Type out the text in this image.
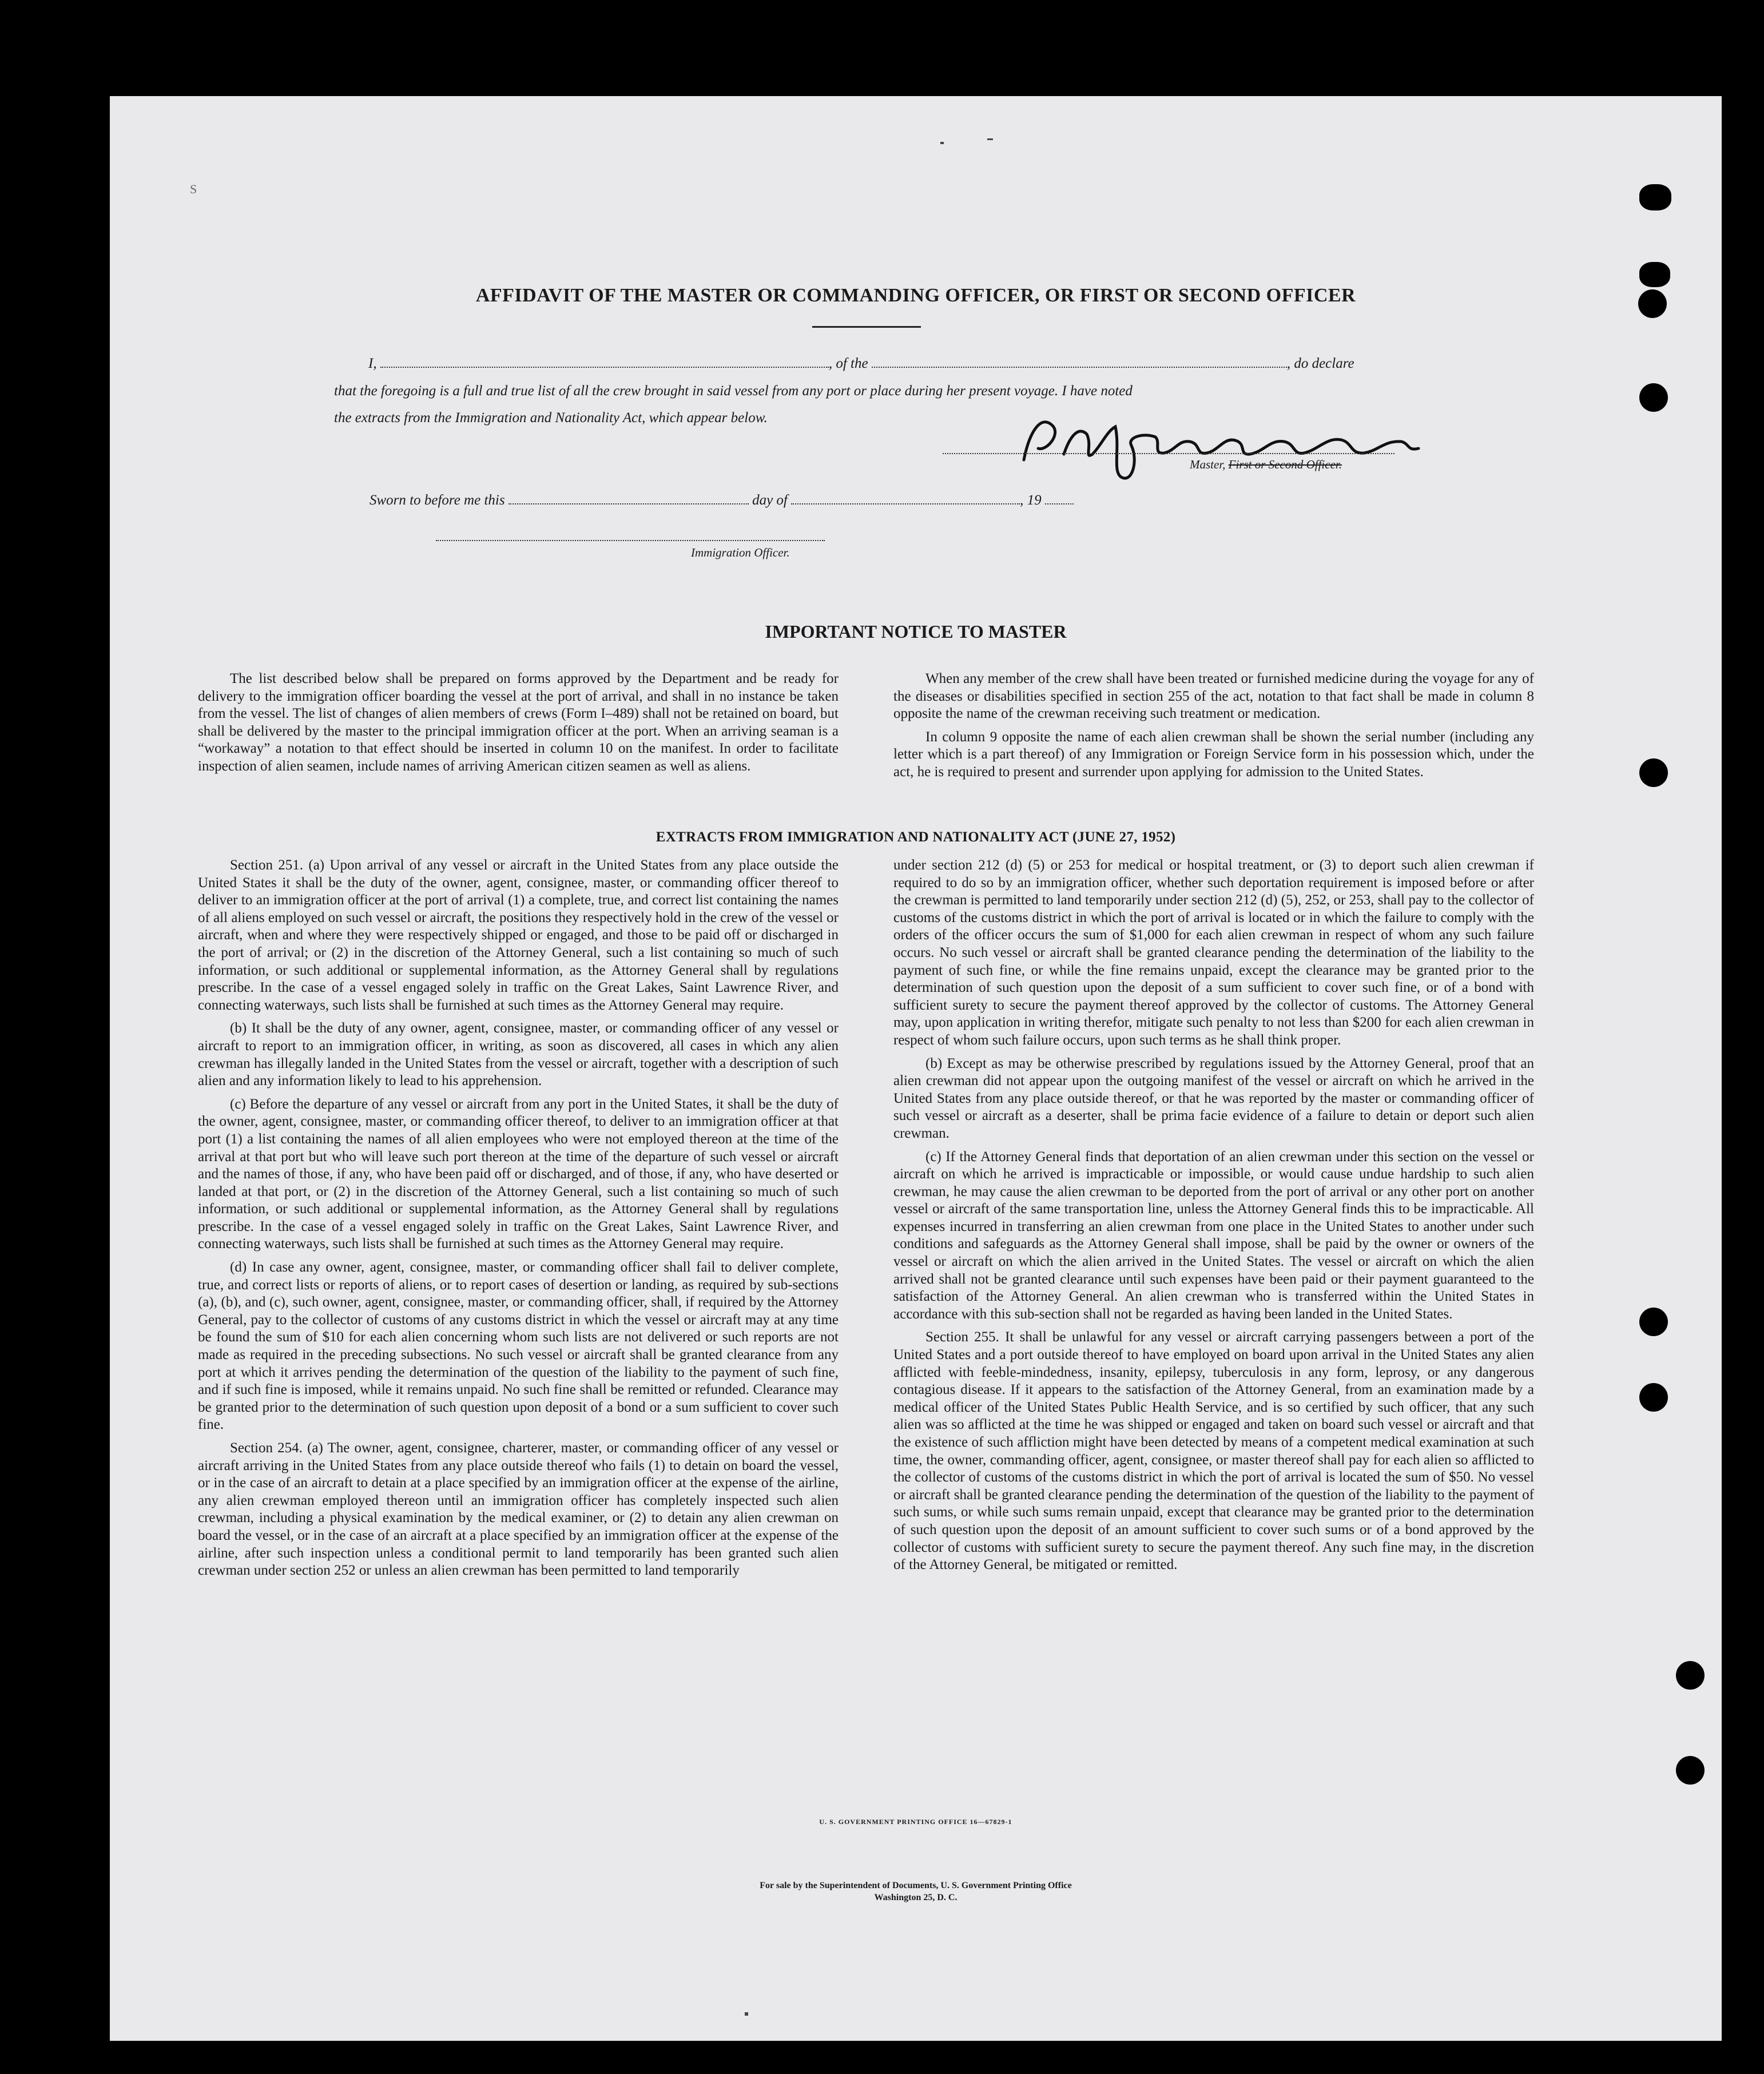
S
AFFIDAVIT OF THE MASTER OR COMMANDING OFFICER, OR FIRST OR SECOND OFFICER
I,	, of the	, do declare
that the foregoing is a full and true list of all the crew brought in said vessel from any port or place during her present voyage. I have noted
the extracts from the Immigration and Nationality Act, which appear below.
Master, First or Second Officer.
Sworn to before me this	day of	, 19
Immigration Officer.
IMPORTANT NOTICE TO MASTER

The list described below shall be prepared on forms approved by the Department and be ready for delivery to the immigration officer boarding the vessel at the port of arrival, and shall in no instance be taken from the vessel. The list of changes of alien members of crews (Form I–489) shall not be retained on board, but shall be delivered by the master to the principal immigration officer at the port. When an arriving seaman is a “workaway” a notation to that effect should be inserted in column 10 on the manifest. In order to facilitate inspection of alien seamen, include names of arriving American citizen seamen as well as aliens.

When any member of the crew shall have been treated or furnished medicine during the voyage for any of the diseases or disabilities specified in section 255 of the act, notation to that fact shall be made in column 8 opposite the name of the crewman receiving such treatment or medication.

In column 9 opposite the name of each alien crewman shall be shown the serial number (including any letter which is a part thereof) of any Immigration or Foreign Service form in his possession which, under the act, he is required to present and surrender upon applying for admission to the United States.

EXTRACTS FROM IMMIGRATION AND NATIONALITY ACT (JUNE 27, 1952)

Section 251. (a) Upon arrival of any vessel or aircraft in the United States from any place outside the United States it shall be the duty of the owner, agent, consignee, master, or commanding officer thereof to deliver to an immigration officer at the port of arrival (1) a complete, true, and correct list containing the names of all aliens employed on such vessel or aircraft, the positions they respectively hold in the crew of the vessel or aircraft, when and where they were respectively shipped or engaged, and those to be paid off or discharged in the port of arrival; or (2) in the discretion of the Attorney General, such a list containing so much of such information, or such additional or supplemental information, as the Attorney General shall by regulations prescribe. In the case of a vessel engaged solely in traffic on the Great Lakes, Saint Lawrence River, and connecting waterways, such lists shall be furnished at such times as the Attorney General may require.

(b) It shall be the duty of any owner, agent, consignee, master, or commanding officer of any vessel or aircraft to report to an immigration officer, in writing, as soon as discovered, all cases in which any alien crewman has illegally landed in the United States from the vessel or aircraft, together with a description of such alien and any information likely to lead to his apprehension.

(c) Before the departure of any vessel or aircraft from any port in the United States, it shall be the duty of the owner, agent, consignee, master, or commanding officer thereof, to deliver to an immigration officer at that port (1) a list containing the names of all alien employees who were not employed thereon at the time of the arrival at that port but who will leave such port thereon at the time of the departure of such vessel or aircraft and the names of those, if any, who have been paid off or discharged, and of those, if any, who have deserted or landed at that port, or (2) in the discretion of the Attorney General, such a list containing so much of such information, or such additional or supplemental information, as the Attorney General shall by regulations prescribe. In the case of a vessel engaged solely in traffic on the Great Lakes, Saint Lawrence River, and connecting waterways, such lists shall be furnished at such times as the Attorney General may require.

(d) In case any owner, agent, consignee, master, or commanding officer shall fail to deliver complete, true, and correct lists or reports of aliens, or to report cases of desertion or landing, as required by sub-sections (a), (b), and (c), such owner, agent, consignee, master, or commanding officer, shall, if required by the Attorney General, pay to the collector of customs of any customs district in which the vessel or aircraft may at any time be found the sum of $10 for each alien concerning whom such lists are not delivered or such reports are not made as required in the preceding subsections. No such vessel or aircraft shall be granted clearance from any port at which it arrives pending the determination of the question of the liability to the payment of such fine, and if such fine is imposed, while it remains unpaid. No such fine shall be remitted or refunded. Clearance may be granted prior to the determination of such question upon deposit of a bond or a sum sufficient to cover such fine.

Section 254. (a) The owner, agent, consignee, charterer, master, or commanding officer of any vessel or aircraft arriving in the United States from any place outside thereof who fails (1) to detain on board the vessel, or in the case of an aircraft to detain at a place specified by an immigration officer at the expense of the airline, any alien crewman employed thereon until an immigration officer has completely inspected such alien crewman, including a physical examination by the medical examiner, or (2) to detain any alien crewman on board the vessel, or in the case of an aircraft at a place specified by an immigration officer at the expense of the airline, after such inspection unless a conditional permit to land temporarily has been granted such alien crewman under section 252 or unless an alien crewman has been permitted to land temporarily

under section 212 (d) (5) or 253 for medical or hospital treatment, or (3) to deport such alien crewman if required to do so by an immigration officer, whether such deportation requirement is imposed before or after the crewman is permitted to land temporarily under section 212 (d) (5), 252, or 253, shall pay to the collector of customs of the customs district in which the port of arrival is located or in which the failure to comply with the orders of the officer occurs the sum of $1,000 for each alien crewman in respect of whom any such failure occurs. No such vessel or aircraft shall be granted clearance pending the determination of the liability to the payment of such fine, or while the fine remains unpaid, except the clearance may be granted prior to the determination of such question upon the deposit of a sum sufficient to cover such fine, or of a bond with sufficient surety to secure the payment thereof approved by the collector of customs. The Attorney General may, upon application in writing therefor, mitigate such penalty to not less than $200 for each alien crewman in respect of whom such failure occurs, upon such terms as he shall think proper.

(b) Except as may be otherwise prescribed by regulations issued by the Attorney General, proof that an alien crewman did not appear upon the outgoing manifest of the vessel or aircraft on which he arrived in the United States from any place outside thereof, or that he was reported by the master or commanding officer of such vessel or aircraft as a deserter, shall be prima facie evidence of a failure to detain or deport such alien crewman.

(c) If the Attorney General finds that deportation of an alien crewman under this section on the vessel or aircraft on which he arrived is impracticable or impossible, or would cause undue hardship to such alien crewman, he may cause the alien crewman to be deported from the port of arrival or any other port on another vessel or aircraft of the same transportation line, unless the Attorney General finds this to be impracticable. All expenses incurred in transferring an alien crewman from one place in the United States to another under such conditions and safeguards as the Attorney General shall impose, shall be paid by the owner or owners of the vessel or aircraft on which the alien arrived in the United States. The vessel or aircraft on which the alien arrived shall not be granted clearance until such expenses have been paid or their payment guaranteed to the satisfaction of the Attorney General. An alien crewman who is transferred within the United States in accordance with this sub-section shall not be regarded as having been landed in the United States.

Section 255. It shall be unlawful for any vessel or aircraft carrying passengers between a port of the United States and a port outside thereof to have employed on board upon arrival in the United States any alien afflicted with feeble-mindedness, insanity, epilepsy, tuberculosis in any form, leprosy, or any dangerous contagious disease. If it appears to the satisfaction of the Attorney General, from an examination made by a medical officer of the United States Public Health Service, and is so certified by such officer, that any such alien was so afflicted at the time he was shipped or engaged and taken on board such vessel or aircraft and that the existence of such affliction might have been detected by means of a competent medical examination at such time, the owner, commanding officer, agent, consignee, or master thereof shall pay for each alien so afflicted to the collector of customs of the customs district in which the port of arrival is located the sum of $50. No vessel or aircraft shall be granted clearance pending the determination of the question of the liability to the payment of such sums, or while such sums remain unpaid, except that clearance may be granted prior to the determination of such question upon the deposit of an amount sufficient to cover such sums or of a bond approved by the collector of customs with sufficient surety to secure the payment thereof. Any such fine may, in the discretion of the Attorney General, be mitigated or remitted.

U. S. GOVERNMENT PRINTING OFFICE 16—67829-1
For sale by the Superintendent of Documents, U. S. Government Printing Office
Washington 25, D. C.
